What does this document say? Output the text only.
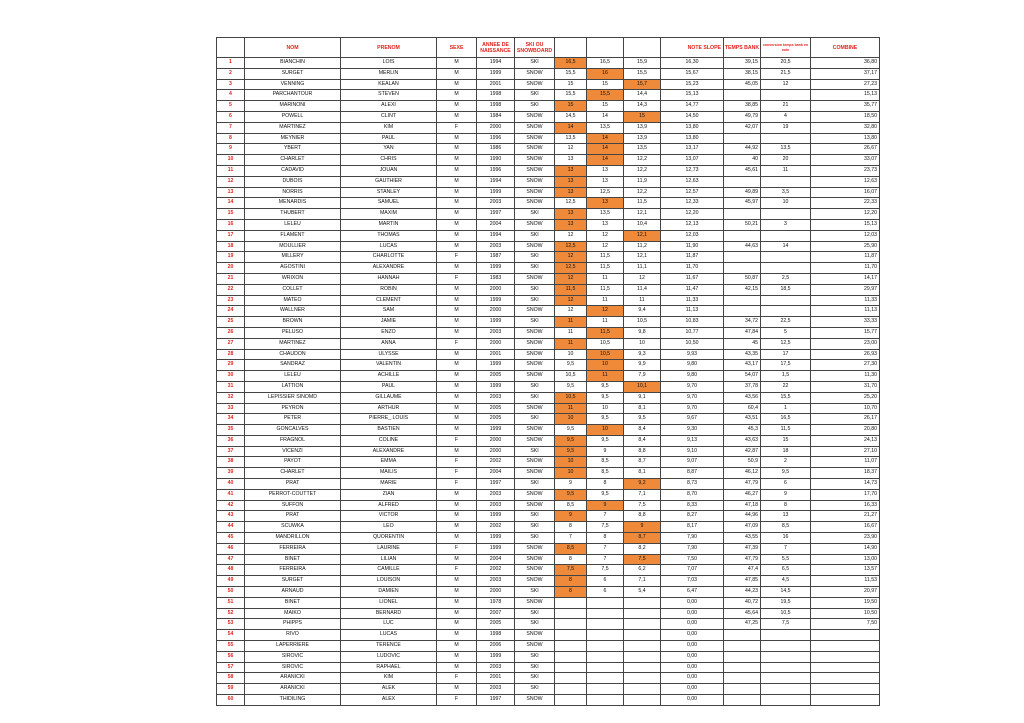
	NOM	PRENOM	SEXE	ANNEE DE NAISSANCE	SKI OU SNOWBOARD				NOTE SLOPE	TEMPS BANK	conversion temps bank en note	COMBINE
1	BIANCHIN	LOIS	M	1994	SKI	16,5	16,5	15,9	16,30	39,15	20,5	36,80
2	SURGET	MERLIN	M	1999	SNOW	15,5	16	15,5	15,67	38,15	21,5	37,17
3	VENNING	KEALAN	M	2001	SNOW	15	15	15,7	15,23	45,05	12	27,23
4	PARCHANTOUR	STEVEN	M	1998	SKI	15,5	15,5	14,4	15,13			15,13
5	MARINONI	ALEXI	M	1998	SKI	15	15	14,3	14,77	38,85	21	35,77
6	POWELL	CLINT	M	1984	SNOW	14,5	14	15	14,50	49,79	4	18,50
7	MARTINEZ	KIM	F	2000	SNOW	14	13,5	13,9	13,80	42,07	19	32,80
8	MEYNIER	PAUL	M	1996	SNOW	13,5	14	13,9	13,80			13,80
9	YBERT	YAN	M	1986	SNOW	12	14	13,5	13,17	44,92	13,5	26,67
10	CHARLET	CHRIS	M	1990	SNOW	13	14	12,2	13,07	40	20	33,07
11	CADAVID	JOUAN	M	1996	SNOW	13	13	12,2	12,73	45,61	11	23,73
12	DUBOIS	GAUTHIER	M	1994	SNOW	13	13	11,9	12,63			12,63
13	NORRIS	STANLEY	M	1999	SNOW	13	12,5	12,2	12,57	49,89	3,5	16,07
14	MENARDIS	SAMUEL	M	2003	SNOW	12,5	13	11,5	12,33	45,97	10	22,33
15	THUBERT	MAXIM	M	1997	SKI	13	13,5	12,1	12,20			12,20
16	LELEU	MARTIN	M	2004	SNOW	13	13	10,4	12,13	50,21	3	15,13
17	FLAMENT	THOMAS	M	1994	SKI	12	12	12,1	12,03			12,03
18	MOULLIER	LUCAS	M	2003	SNOW	12,5	12	11,2	11,90	44,63	14	25,90
19	MILLERY	CHARLOTTE	F	1987	SKI	12	11,5	12,1	11,87			11,87
20	AGOSTINI	ALEXANDRE	M	1999	SKI	12,5	11,5	11,1	11,70			11,70
21	WRIXON	HANNAH	F	1983	SNOW	12	11	12	11,67	50,87	2,5	14,17
22	COLLET	ROBIN	M	2000	SKI	11,5	11,5	11,4	11,47	42,15	18,5	29,97
23	MATEO	CLEMENT	M	1999	SKI	12	11	11	11,33			11,33
24	WALLNER	SAM	M	2000	SNOW	12	12	9,4	11,13			11,13
25	BROWN	JAMIE	M	1999	SKI	11	11	10,5	10,83	34,72	22,5	33,33
26	PELUSO	ENZO	M	2003	SNOW	11	11,5	9,8	10,77	47,84	5	15,77
27	MARTINEZ	ANNA	F	2000	SNOW	11	10,5	10	10,50	45	12,5	23,00
28	CHAUDON	ULYSSE	M	2001	SNOW	10	10,5	9,3	9,93	43,35	17	26,93
29	SANDRAZ	VALENTIN	M	1999	SNOW	9,5	10	9,9	9,80	43,17	17,5	27,30
30	LELEU	ACHILLE	M	2005	SNOW	10,5	11	7,9	9,80	54,07	1,5	11,30
31	LATTION	PAUL	M	1999	SKI	9,5	9,5	10,1	9,70	37,78	22	31,70
32	LEPISSIER SINOMD	GILLAUME	M	2003	SKI	10,5	9,5	9,1	9,70	43,56	15,5	25,20
33	PEYRON	ARTHUR	M	2005	SNOW	11	10	8,1	9,70	60,4	1	10,70
34	PETER	PIERRE_ LOUIS	M	2005	SKI	10	9,5	9,5	9,67	43,51	16,5	26,17
35	GONCALVES	BASTIEN	M	1999	SNOW	9,5	10	8,4	9,30	45,3	11,5	20,80
36	FRAGNOL	COLINE	F	2000	SNOW	9,5	9,5	8,4	9,13	43,63	15	24,13
37	VICENZI	ALEXANDRE	M	2000	SKI	9,5	9	8,8	9,10	42,87	18	27,10
38	PAYOT	EMMA	F	2002	SNOW	10	8,5	8,7	9,07	50,9	2	11,07
39	CHARLET	MAILIS	F	2004	SNOW	10	8,5	8,1	8,87	46,12	9,5	18,37
40	PRAT	MARIE	F	1997	SKI	9	8	9,2	8,73	47,79	6	14,73
41	PERROT-COUTTET	ZIAN	M	2003	SNOW	9,5	9,5	7,1	8,70	46,27	9	17,70
42	SUFFON	ALFRED	M	2003	SNOW	8,5	9	7,5	8,33	47,18	8	16,33
43	PRAT	VICTOR	M	1999	SKI	9	7	8,8	8,27	44,96	13	21,27
44	SCUWKA	LEO	M	2002	SKI	8	7,5	9	8,17	47,09	8,5	16,67
45	MANDRILLON	QUORENTIN	M	1999	SKI	7	8	8,7	7,90	43,55	16	23,90
46	FERREIRA	LAURINE	F	1999	SNOW	8,5	7	8,2	7,90	47,39	7	14,90
47	BINET	LILIAN	M	2004	SNOW	8	7	7,5	7,50	47,79	5,5	13,00
48	FERREIRA	CAMILLE	F	2002	SNOW	7,5	7,5	6,2	7,07	47,4	6,5	13,57
49	SURGET	LOUISON	M	2003	SNOW	8	6	7,1	7,03	47,85	4,5	11,53
50	ARNAUD	DAMIEN	M	2000	SKI	8	6	5,4	6,47	44,23	14,5	20,97
51	BINET	LIONEL	M	1978	SNOW				0,00	40,72	19,5	19,50
52	MAIKO	BERNARD	M	2007	SKI				0,00	45,64	10,5	10,50
53	PHIPPS	LUC	M	2005	SKI				0,00	47,25	7,5	7,50
54	RIVO	LUCAS	M	1998	SNOW				0,00			
55	LAPERRIERE	TERENCE	M	2006	SNOW				0,00			
56	SIROVIC	LUDOVIC	M	1999	SKI				0,00			
57	SIROVIC	RAPHAEL	M	2003	SKI				0,00			
58	ARANICKI	KIM	F	2001	SKI				0,00			
59	ARANICKI	ALEK	M	2003	SKI				0,00			
60	THIDILING	ALEX	F	1997	SNOW				0,00			
